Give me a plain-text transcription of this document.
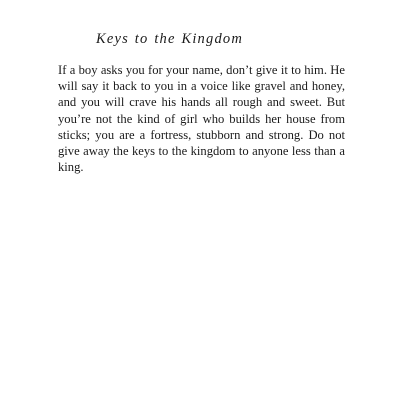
Keys to the Kingdom

If a boy asks you for your name, don’t give it to him. He will say it back to you in a voice like gravel and honey, and you will crave his hands all rough and sweet. But you’re not the kind of girl who builds her house from sticks; you are a fortress, stubborn and strong. Do not give away the keys to the kingdom to anyone less than a king.
